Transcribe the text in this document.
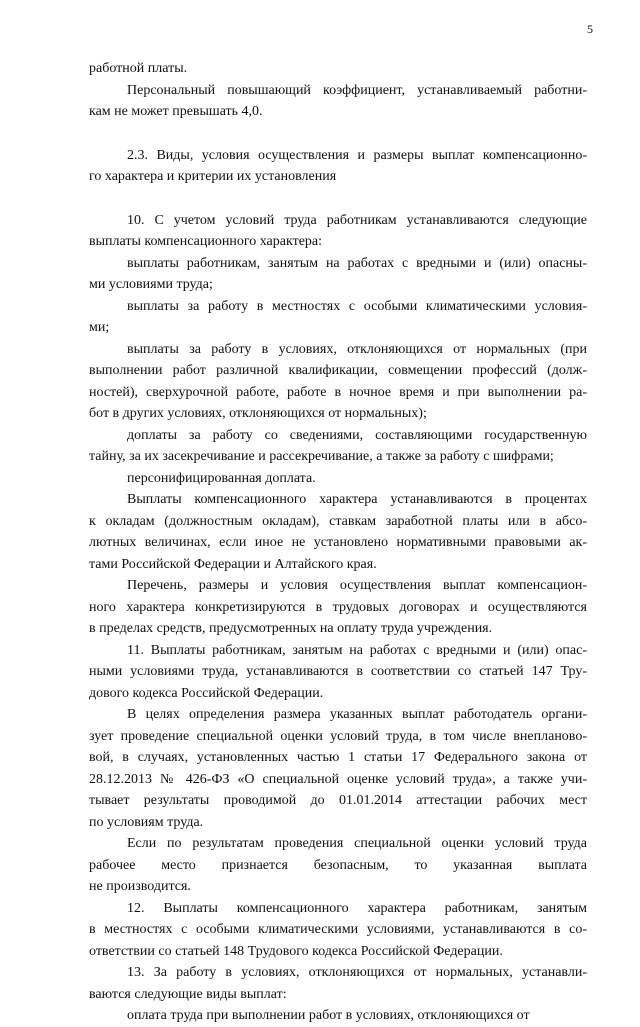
5
работной платы.
Персональный повышающий коэффициент, устанавливаемый работни-
кам не может превышать 4,0.
2.3. Виды, условия осуществления и размеры выплат компенсационно-
го характера и критерии их установления
10. С учетом условий труда работникам устанавливаются следующие
выплаты компенсационного характера:
выплаты работникам, занятым на работах с вредными и (или) опасны-
ми условиями труда;
выплаты за работу в местностях с особыми климатическими условия-
ми;
выплаты за работу в условиях, отклоняющихся от нормальных (при
выполнении работ различной квалификации, совмещении профессий (долж-
ностей), сверхурочной работе, работе в ночное время и при выполнении ра-
бот в других условиях, отклоняющихся от нормальных);
доплаты за работу со сведениями, составляющими государственную
тайну, за их засекречивание и рассекречивание, а также за работу с шифрами;
персонифицированная доплата.
Выплаты компенсационного характера устанавливаются в процентах
к окладам (должностным окладам), ставкам заработной платы или в абсо-
лютных величинах, если иное не установлено нормативными правовыми ак-
тами Российской Федерации и Алтайского края.
Перечень, размеры и условия осуществления выплат компенсацион-
ного характера конкретизируются в трудовых договорах и осуществляются
в пределах средств, предусмотренных на оплату труда учреждения.
11. Выплаты работникам, занятым на работах с вредными и (или) опас-
ными условиями труда, устанавливаются в соответствии со статьей 147 Тру-
дового кодекса Российской Федерации.
В целях определения размера указанных выплат работодатель органи-
зует проведение специальной оценки условий труда, в том числе внепланово-
вой, в случаях, установленных частью 1 статьи 17 Федерального закона от
28.12.2013 № 426-ФЗ «О специальной оценке условий труда», а также учи-
тывает результаты проводимой до 01.01.2014 аттестации рабочих мест
по условиям труда.
Если по результатам проведения специальной оценки условий труда
рабочее место признается безопасным, то указанная выплата
не производится.
12. Выплаты компенсационного характера работникам, занятым
в местностях с особыми климатическими условиями, устанавливаются в со-
ответствии со статьей 148 Трудового кодекса Российской Федерации.
13. За работу в условиях, отклоняющихся от нормальных, устанавли-
ваются следующие виды выплат:
оплата труда при выполнении работ в условиях, отклоняющихся от
